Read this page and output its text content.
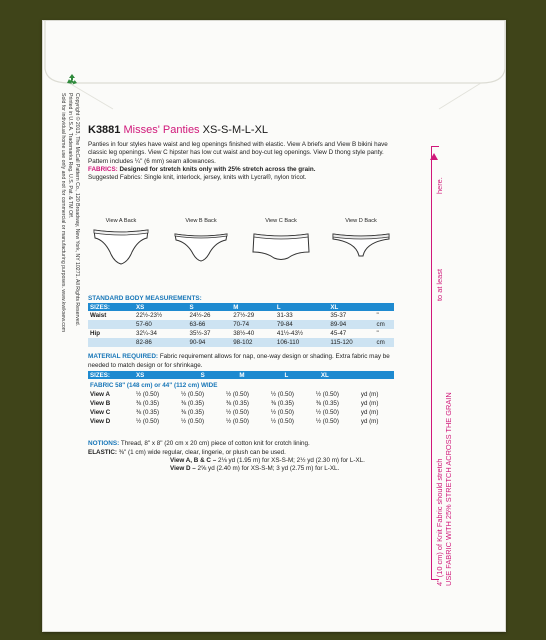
Copyright © 2013, The McCall Pattern Co., 120 Broadway, New York, NY 10271. All Rights Reserved.
Printed in U.S.A. Trademarks Reg. U.S. Pat. & TM Off.
Sold for individual home use only and not for commercial or manufacturing purposes. www.kwiksew.com K3881 Misses' Panties XS-S-M-L-XL

Panties in four styles have waist and leg openings finished with elastic. View A briefs and View B bikini have classic leg openings. View C hipster has low cut waist and boy-cut leg openings. View D thong style panty.

Pattern includes ¼" (6 mm) seam allowances.

FABRICS: Designed for stretch knits only with 25% stretch across the grain.

Suggested Fabrics: Single knit, interlock, jersey, knits with Lycra®, nylon tricot.

View A Back	View B Back	View C Back	View D Back
STANDARD BODY MEASUREMENTS:
SIZES:	XS	S	M	L	XL	
Waist	22½-23½	24½-26	27½-29	31-33	35-37	"
	57-60	63-66	70-74	79-84	89-94	cm
Hip	32¼-34	35½-37	38½-40	41½-43½	45-47	"
	82-86	90-94	98-102	106-110	115-120	cm
MATERIAL REQUIRED: Fabric requirement allows for nap, one-way design or shading. Extra fabric may be needed to match design or for shrinkage.
SIZES:	XS	S	M	L	XL	
FABRIC 58" (148 cm) or 44" (112 cm) WIDE
View A	½ (0.50)	½ (0.50)	½ (0.50)	½ (0.50)	½ (0.50)	yd (m)
View B	⅜ (0.35)	⅜ (0.35)	⅜ (0.35)	⅜ (0.35)	⅜ (0.35)	yd (m)
View C	⅜ (0.35)	⅜ (0.35)	½ (0.50)	½ (0.50)	½ (0.50)	yd (m)
View D	½ (0.50)	½ (0.50)	½ (0.50)	½ (0.50)	½ (0.50)	yd (m)
NOTIONS: Thread, 8" x 8" (20 cm x 20 cm) piece of cotton knit for crotch lining.
ELASTIC: ⅜" (1 cm) wide regular, clear, lingerie, or plush can be used.
View A, B & C – 2⅛ yd (1.95 m) for XS-S-M; 2½ yd (2.30 m) for L-XL.
View D – 2⅝ yd (2.40 m) for XS-S-M; 3 yd (2.75 m) for L-XL.	4" (10 cm) of Knit Fabric should stretch
to at least
here.
USE FABRIC WITH 25% STRETCH ACROSS THE GRAIN
